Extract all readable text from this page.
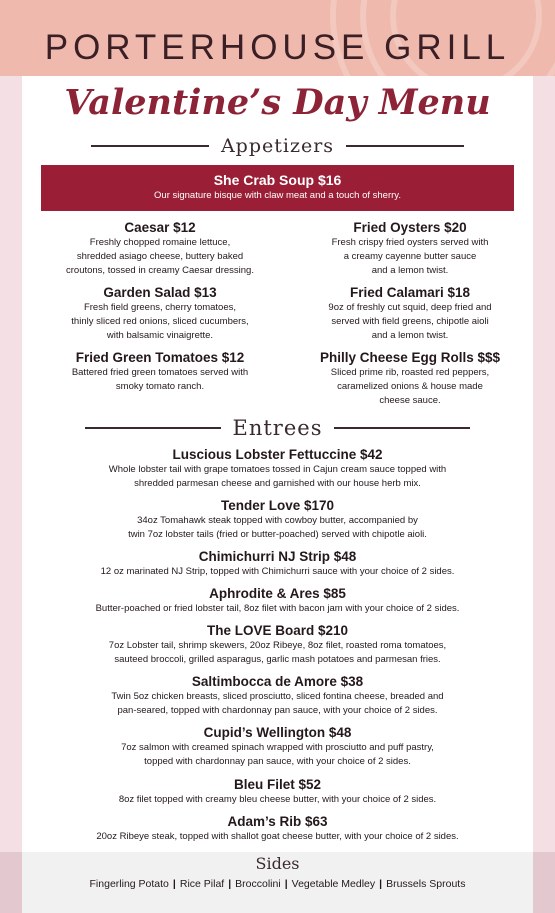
PORTERHOUSE GRILL
Valentine’s Day Menu
Appetizers
She Crab Soup $16
Our signature bisque with claw meat and a touch of sherry.
Caesar $12
Freshly chopped romaine lettuce,
shredded asiago cheese, buttery baked
croutons, tossed in creamy Caesar dressing.
Garden Salad $13
Fresh field greens, cherry tomatoes,
thinly sliced red onions, sliced cucumbers,
with balsamic vinaigrette.
Fried Green Tomatoes $12
Battered fried green tomatoes served with
smoky tomato ranch.
Fried Oysters $20
Fresh crispy fried oysters served with
a creamy cayenne butter sauce
and a lemon twist.
Fried Calamari $18
9oz of freshly cut squid, deep fried and
served with field greens, chipotle aioli
and a lemon twist.
Philly Cheese Egg Rolls $$$
Sliced prime rib, roasted red peppers,
caramelized onions & house made
cheese sauce.
Entrees
Luscious Lobster Fettuccine $42
Whole lobster tail with grape tomatoes tossed in Cajun cream sauce topped with
shredded parmesan cheese and garnished with our house herb mix.
Tender Love $170
34oz Tomahawk steak topped with cowboy butter, accompanied by
twin 7oz lobster tails (fried or butter-poached) served with chipotle aioli.
Chimichurri NJ Strip $48
12 oz marinated NJ Strip, topped with Chimichurri sauce with your choice of 2 sides.
Aphrodite & Ares $85
Butter-poached or fried lobster tail, 8oz filet with bacon jam with your choice of 2 sides.
The LOVE Board $210
7oz Lobster tail, shrimp skewers, 20oz Ribeye, 8oz filet, roasted roma tomatoes,
sauteed broccoli, grilled asparagus, garlic mash potatoes and parmesan fries.
Saltimbocca de Amore $38
Twin 5oz chicken breasts, sliced prosciutto, sliced fontina cheese, breaded and
pan-seared, topped with chardonnay pan sauce, with your choice of 2 sides.
Cupid’s Wellington $48
7oz salmon with creamed spinach wrapped with prosciutto and puff pastry,
topped with chardonnay pan sauce, with your choice of 2 sides.
Bleu Filet $52
8oz filet topped with creamy bleu cheese butter, with your choice of 2 sides.
Adam’s Rib $63
20oz Ribeye steak, topped with shallot goat cheese butter, with your choice of 2 sides.
Sides
Fingerling Potato | Rice Pilaf | Broccolini | Vegetable Medley | Brussels Sprouts
